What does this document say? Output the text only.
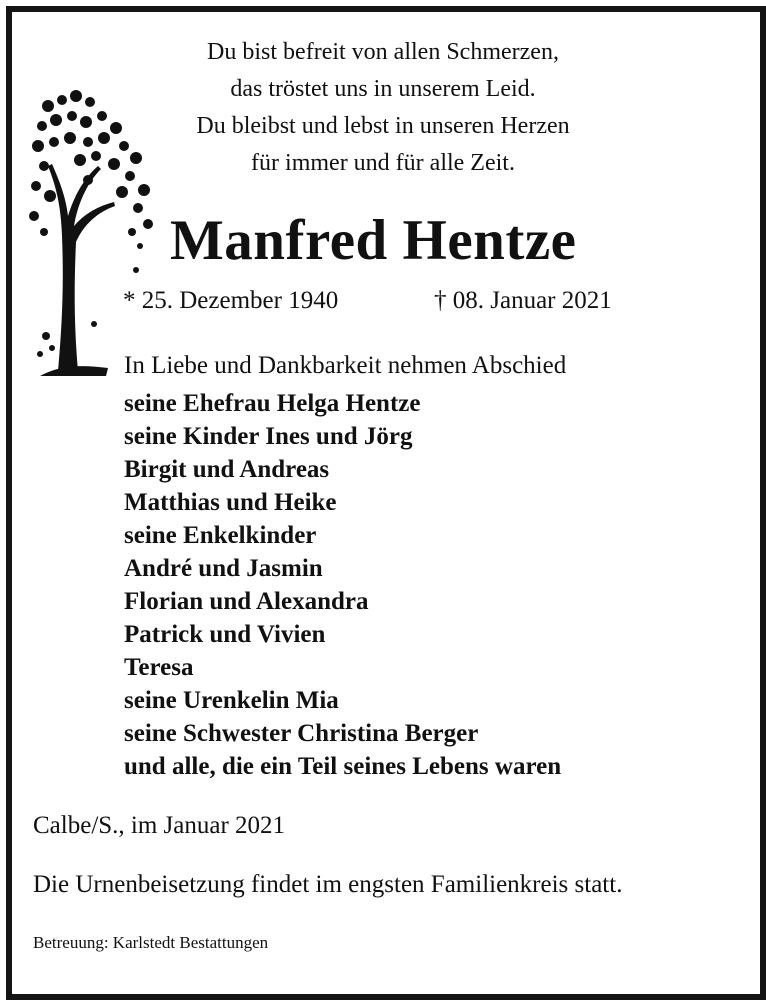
Du bist befreit von allen Schmerzen,
das tröstet uns in unserem Leid.
Du bleibst und lebst in unseren Herzen
für immer und für alle Zeit.
Manfred Hentze
* 25. Dezember 1940	† 08. Januar 2021
In Liebe und Dankbarkeit nehmen Abschied
seine Ehefrau Helga Hentze
seine Kinder Ines und Jörg
Birgit und Andreas
Matthias und Heike
seine Enkelkinder
André und Jasmin
Florian und Alexandra
Patrick und Vivien
Teresa
seine Urenkelin Mia
seine Schwester Christina Berger
und alle, die ein Teil seines Lebens waren
Calbe/S., im Januar 2021
Die Urnenbeisetzung findet im engsten Familienkreis statt.
Betreuung: Karlstedt Bestattungen
